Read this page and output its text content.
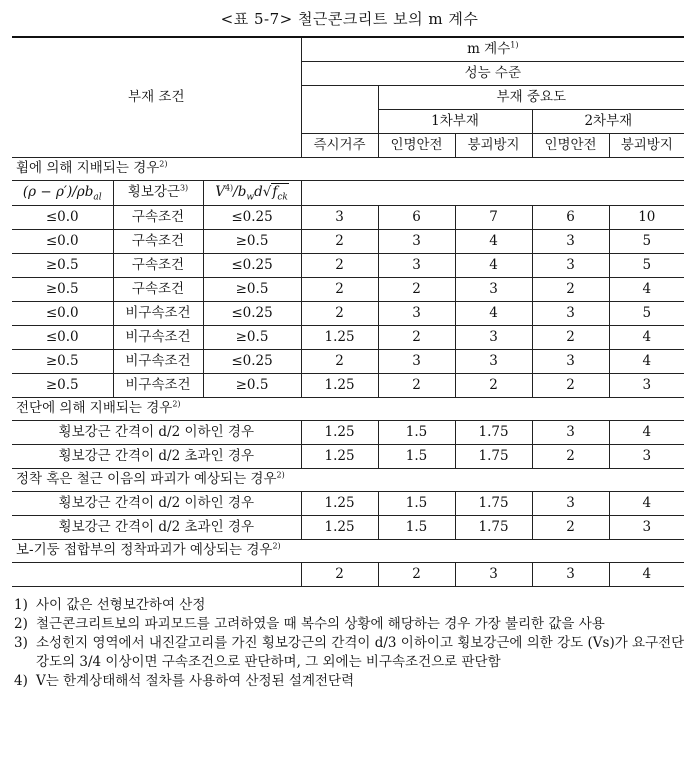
<표 5-7> 철근콘크리트 보의 m 계수
부재 조건			m 계수$^{1)}$
			성능 수준				
				부재 중요도			
				1차부재		2차부재	
			즉시거주	인명안전	붕괴방지	인명안전	붕괴방지
휨에 의해 지배되는 경우$^{2)}$
$(\rho - \rho')/\rho b_{al}$	횡보강근$^{3)}$	$V^{4)}/b_wd√f_{ck}$	
≤0.0	구속조건	≤0.25	3	6	7	6	10
≤0.0	구속조건	≥0.5	2	3	4	3	5
≥0.5	구속조건	≤0.25	2	3	4	3	5
≥0.5	구속조건	≥0.5	2	2	3	2	4
≤0.0	비구속조건	≤0.25	2	3	4	3	5
≤0.0	비구속조건	≥0.5	1.25	2	3	2	4
≥0.5	비구속조건	≤0.25	2	3	3	3	4
≥0.5	비구속조건	≥0.5	1.25	2	2	2	3
전단에 의해 지배되는 경우$^{2)}$
횡보강근 간격이 d/2 이하인 경우			1.25	1.5	1.75	3	4
횡보강근 간격이 d/2 초과인 경우			1.25	1.5	1.75	2	3
정착 혹은 철근 이음의 파괴가 예상되는 경우$^{2)}$
횡보강근 간격이 d/2 이하인 경우			1.25	1.5	1.75	3	4
횡보강근 간격이 d/2 초과인 경우			1.25	1.5	1.75	2	3
보-기둥 접합부의 정착파괴가 예상되는 경우$^{2)}$
			2	2	3	3	4
1) 사이 값은 선형보간하여 산정
2) 철근콘크리트보의 파괴모드를 고려하였을 때 복수의 상황에 해당하는 경우 가장 불리한 값을 사용
3) 소성힌지 영역에서 내진갈고리를 가진 횡보강근의 간격이 d/3 이하이고 횡보강근에 의한 강도 (Vs)가 요구전단강도의 3/4 이상이면 구속조건으로 판단하며, 그 외에는 비구속조건으로 판단함
4) V는 한계상태해석 절차를 사용하여 산정된 설계전단력
